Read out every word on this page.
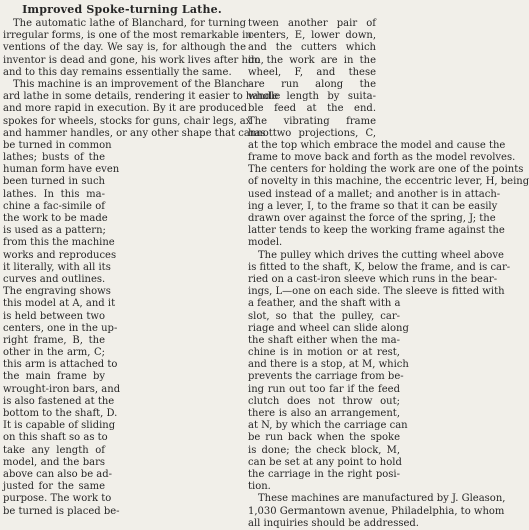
Improved Spoke-turning Lathe.
The automatic lathe of Blanchard, for turning
irregular forms, is one of the most remarkable in-
ventions of the day. We say is, for although the
inventor is dead and gone, his work lives after him,
and to this day remains essentially the same.
This machine is an improvement of the Blanch-
ard lathe in some details, rendering it easier to handle
and more rapid in execution. By it are produced
spokes for wheels, stocks for guns, chair legs, ax
and hammer handles, or any other shape that cannot
be turned in common
lathes; busts of the
human form have even
been turned in such
lathes. In this ma-
chine a fac-simile of
the work to be made
is used as a pattern;
from this the machine
works and reproduces
it literally, with all its
curves and outlines.
The engraving shows
this model at A, and it
is held between two
centers, one in the up-
right frame, B, the
other in the arm, C;
this arm is attached to
the main frame by
wrought-iron bars, and
is also fastened at the
bottom to the shaft, D.
It is capable of sliding
on this shaft so as to
take any length of
model, and the bars
above can also be ad-
justed for the same
purpose. The work to
be turned is placed be-
tween another pair of
centers, E, lower down,
and the cutters which
do the work are in the
wheel, F, and these
are run along the
whole length by suita-
ble feed at the end.
The vibrating frame
has two projections, C,
at the top which embrace the model and cause the
frame to move back and forth as the model revolves.
The centers for holding the work are one of the points
of novelty in this machine, the eccentric lever, H, being
used instead of a mallet; and another is in attach-
ing a lever, I, to the frame so that it can be easily
drawn over against the force of the spring, J; the
latter tends to keep the working frame against the
model.
The pulley which drives the cutting wheel above
is fitted to the shaft, K, below the frame, and is car-
ried on a cast-iron sleeve which runs in the bear-
ings, L—one on each side. The sleeve is fitted with
a feather, and the shaft with a
slot, so that the pulley, car-
riage and wheel can slide along
the shaft either when the ma-
chine is in motion or at rest,
and there is a stop, at M, which
prevents the carriage from be-
ing run out too far if the feed
clutch does not throw out;
there is also an arrangement,
at N, by which the carriage can
be run back when the spoke
is done; the check block, M,
can be set at any point to hold
the carriage in the right posi-
tion.
These machines are manufactured by J. Gleason,
1,030 Germantown avenue, Philadelphia, to whom
all inquiries should be addressed.
